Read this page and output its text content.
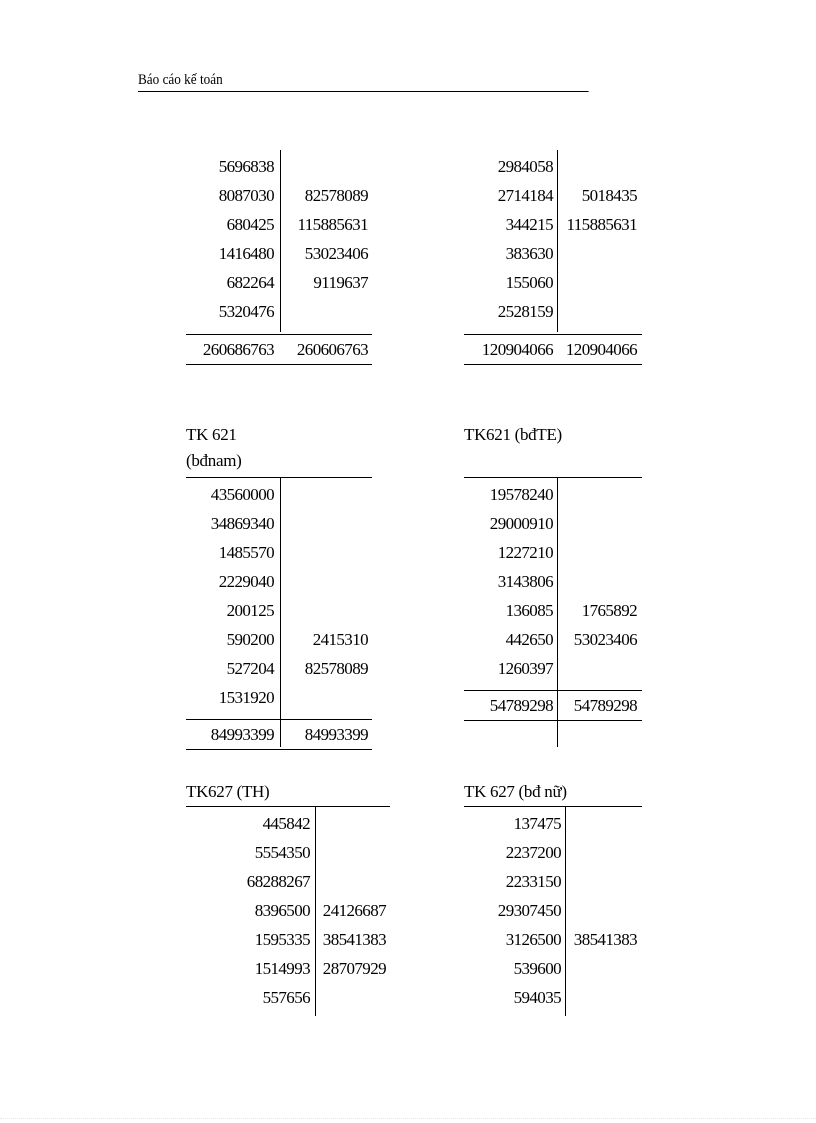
Báo cáo kế toán
5696838
8087030 82578089
680425 115885631
1416480 53023406
682264 9119637
5320476
260686763 260606763
2984058
2714184 5018435
344215 115885631
383630
155060
2528159
120904066 120904066
TK 621
(bđnam)
43560000
34869340
1485570
2229040
200125
590200 2415310
527204 82578089
1531920
84993399 84993399
TK621 (bđTE)
19578240
29000910
1227210
3143806
136085 1765892
442650 53023406
1260397
54789298 54789298
TK627 (TH)
445842
5554350
68288267
8396500 24126687
1595335 38541383
1514993 28707929
557656
TK 627 (bđ nữ)
137475
2237200
2233150
29307450
3126500 38541383
539600
594035
